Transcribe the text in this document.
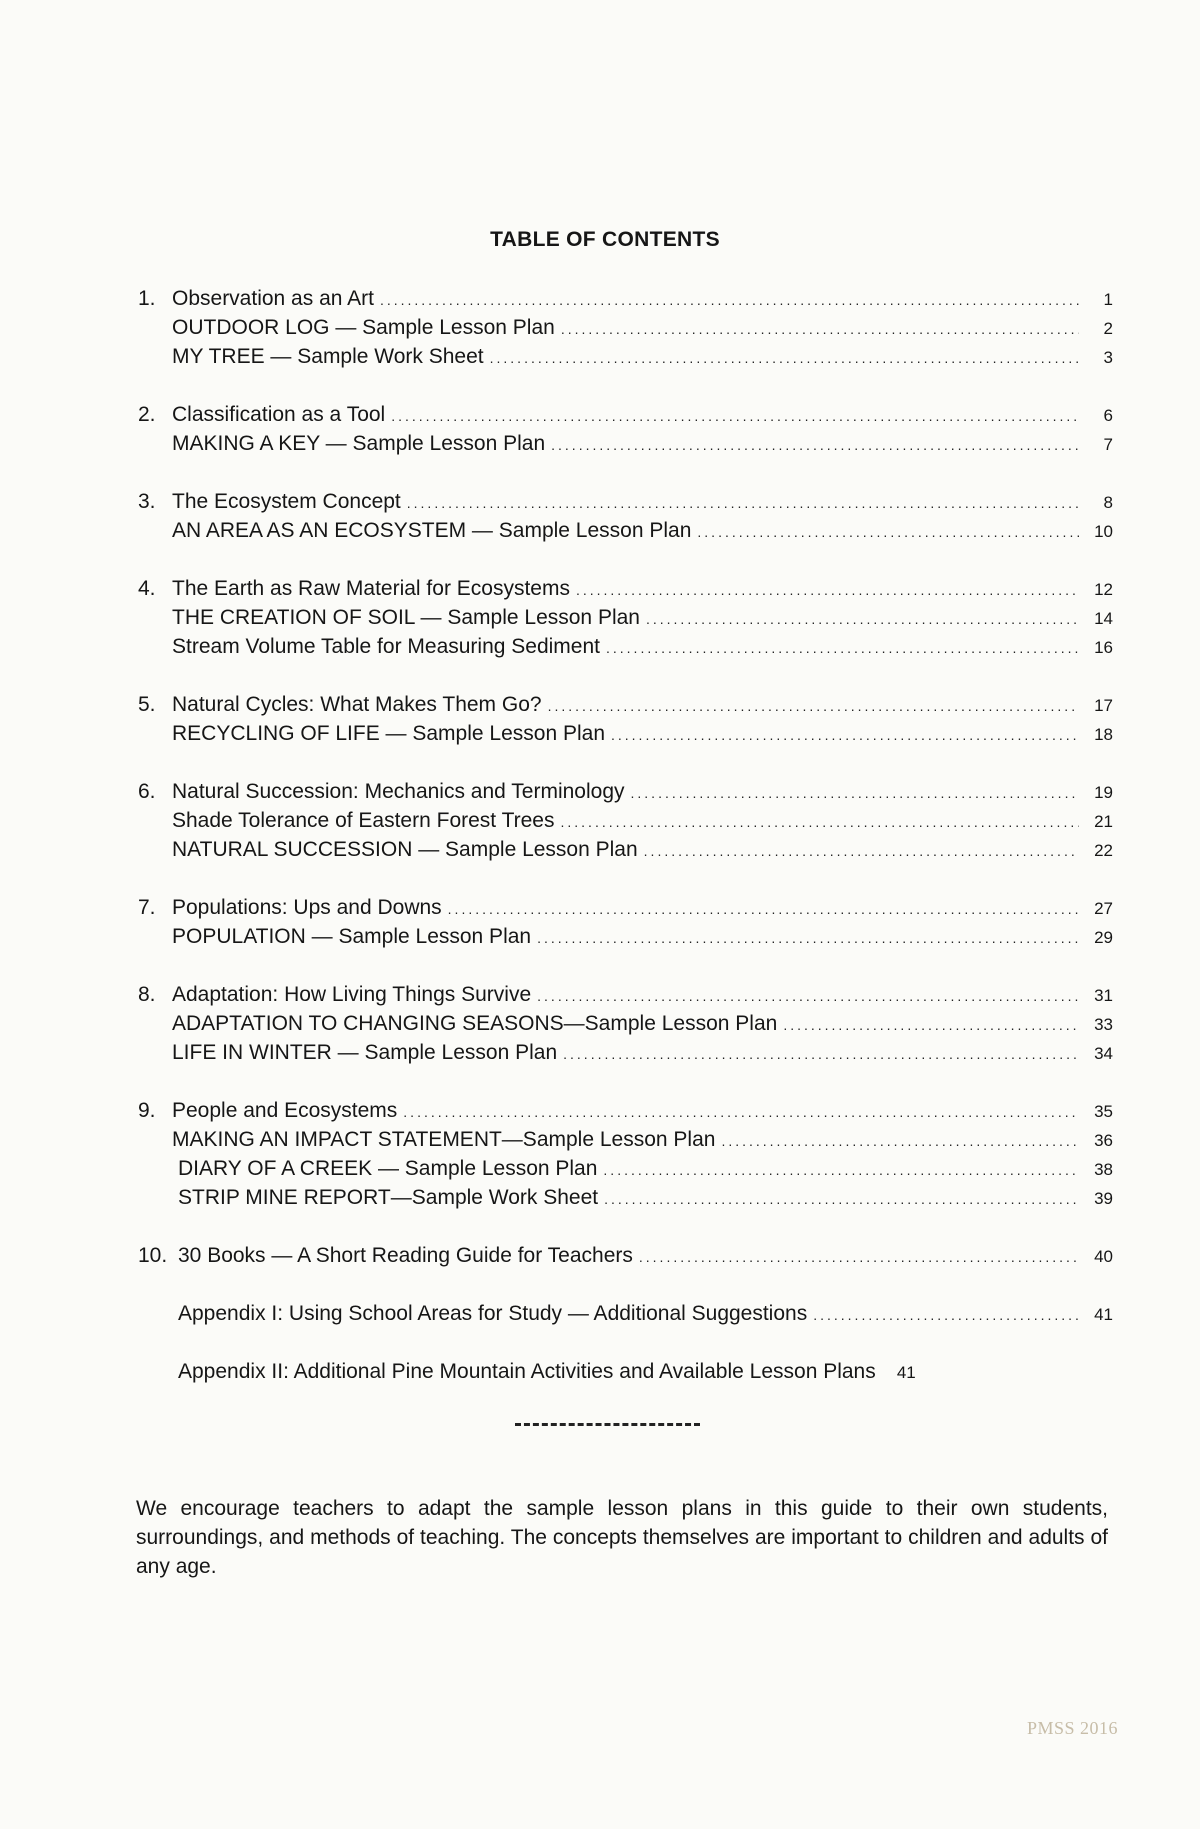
TABLE OF CONTENTS
1. Observation as an Art .....	1
OUTDOOR LOG — Sample Lesson Plan .....	2
MY TREE — Sample Work Sheet .....	3
2. Classification as a Tool .....	6
MAKING A KEY — Sample Lesson Plan .....	7
3. The Ecosystem Concept .....	8
AN AREA AS AN ECOSYSTEM — Sample Lesson Plan .....	10
4. The Earth as Raw Material for Ecosystems .....	12
THE CREATION OF SOIL — Sample Lesson Plan .....	14
Stream Volume Table for Measuring Sediment .....	16
5. Natural Cycles: What Makes Them Go? .....	17
RECYCLING OF LIFE — Sample Lesson Plan .....	18
6. Natural Succession: Mechanics and Terminology .....	19
Shade Tolerance of Eastern Forest Trees .....	21
NATURAL SUCCESSION — Sample Lesson Plan .....	22
7. Populations: Ups and Downs .....	27
POPULATION — Sample Lesson Plan .....	29
8. Adaptation: How Living Things Survive .....	31
ADAPTATION TO CHANGING SEASONS—Sample Lesson Plan .....	33
LIFE IN WINTER — Sample Lesson Plan .....	34
9. People and Ecosystems .....	35
MAKING AN IMPACT STATEMENT—Sample Lesson Plan .....	36
DIARY OF A CREEK — Sample Lesson Plan .....	38
STRIP MINE REPORT—Sample Work Sheet .....	39
10. 30 Books — A Short Reading Guide for Teachers .....	40
Appendix I: Using School Areas for Study — Additional Suggestions .....	41
Appendix II: Additional Pine Mountain Activities and Available Lesson Plans	41

We encourage teachers to adapt the sample lesson plans in this guide to their own students, surroundings, and methods of teaching. The concepts themselves are important to children and adults of any age.

PMSS 2016
